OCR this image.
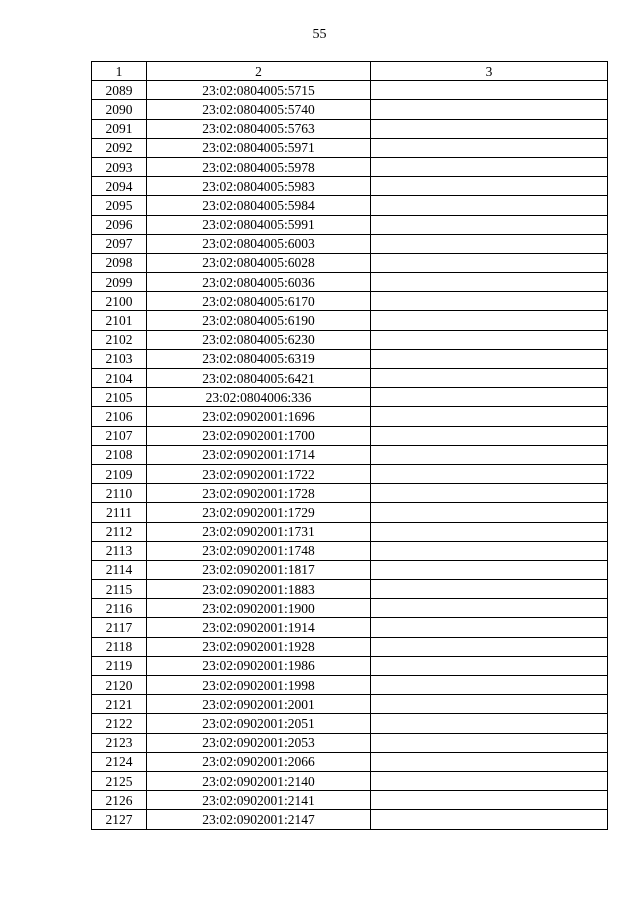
55
1	2	3
2089	23:02:0804005:5715	
2090	23:02:0804005:5740	
2091	23:02:0804005:5763	
2092	23:02:0804005:5971	
2093	23:02:0804005:5978	
2094	23:02:0804005:5983	
2095	23:02:0804005:5984	
2096	23:02:0804005:5991	
2097	23:02:0804005:6003	
2098	23:02:0804005:6028	
2099	23:02:0804005:6036	
2100	23:02:0804005:6170	
2101	23:02:0804005:6190	
2102	23:02:0804005:6230	
2103	23:02:0804005:6319	
2104	23:02:0804005:6421	
2105	23:02:0804006:336	
2106	23:02:0902001:1696	
2107	23:02:0902001:1700	
2108	23:02:0902001:1714	
2109	23:02:0902001:1722	
2110	23:02:0902001:1728	
2111	23:02:0902001:1729	
2112	23:02:0902001:1731	
2113	23:02:0902001:1748	
2114	23:02:0902001:1817	
2115	23:02:0902001:1883	
2116	23:02:0902001:1900	
2117	23:02:0902001:1914	
2118	23:02:0902001:1928	
2119	23:02:0902001:1986	
2120	23:02:0902001:1998	
2121	23:02:0902001:2001	
2122	23:02:0902001:2051	
2123	23:02:0902001:2053	
2124	23:02:0902001:2066	
2125	23:02:0902001:2140	
2126	23:02:0902001:2141	
2127	23:02:0902001:2147	
